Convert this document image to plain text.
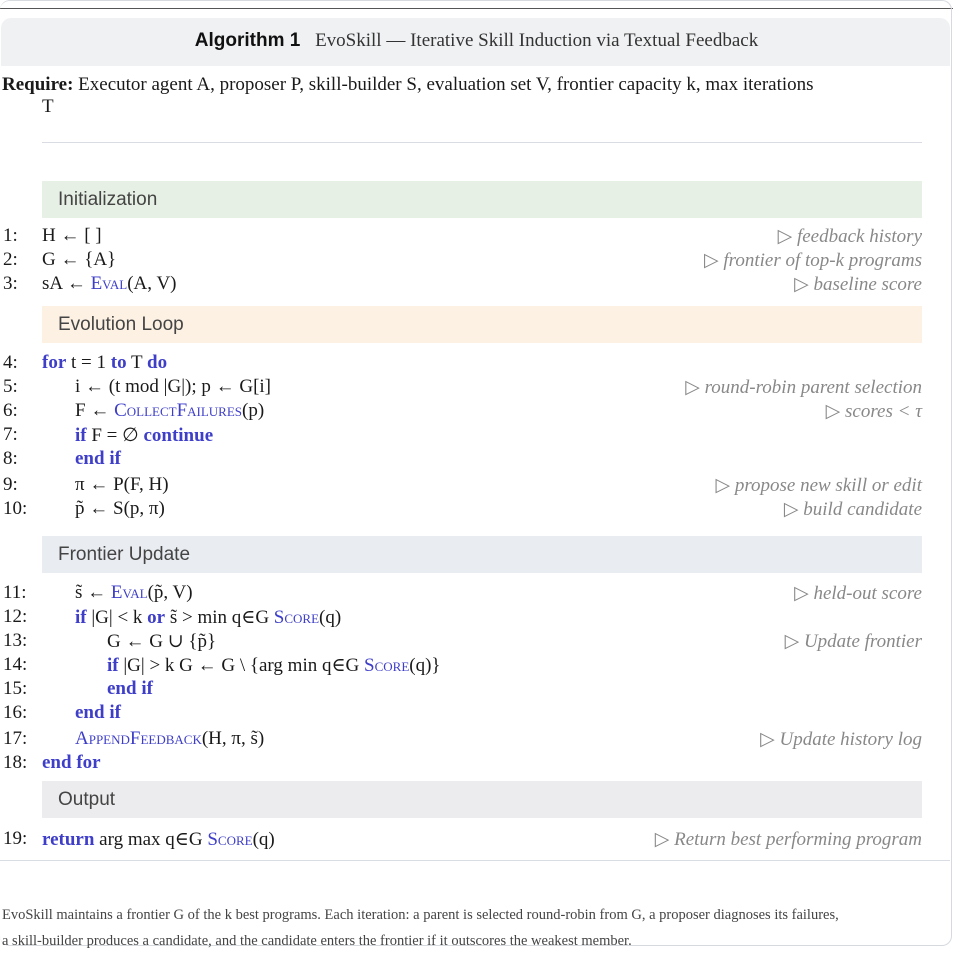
Algorithm 1 EvoSkill — Iterative Skill Induction via Textual Feedback
Require: Executor agent A, proposer P, skill-builder S, evaluation set V, frontier capacity k, max iterations
T
Initialization
Evolution Loop
Frontier Update
Output
1:	H ← [ ]	▷ feedback history
2:	G ← {A}	▷ frontier of top-k programs
3:	sA ← Eval(A, V)	▷ baseline score
4:	for t = 1 to T do
5:	i ← (t mod |G|); p ← G[i]	▷ round-robin parent selection
6:	F ← CollectFailures(p)	▷ scores < τ
7:	if F = ∅ continue
8:	end if
9:	π ← P(F, H)	▷ propose new skill or edit
10:	p̃ ← S(p, π)	▷ build candidate
11:	s̃ ← Eval(p̃, V)	▷ held-out score
12:	if |G| < k or s̃ > min q∈G Score(q)
13:	G ← G ∪ {p̃}	▷ Update frontier
14:	if |G| > k G ← G \ {arg min q∈G Score(q)}
15:	end if
16:	end if
17:	AppendFeedback(H, π, s̃)	▷ Update history log
18: end for
19: return arg max q∈G Score(q)	▷ Return best performing program
EvoSkill maintains a frontier G of the k best programs. Each iteration: a parent is selected round-robin from G, a proposer diagnoses its failures,
a skill-builder produces a candidate, and the candidate enters the frontier if it outscores the weakest member.
